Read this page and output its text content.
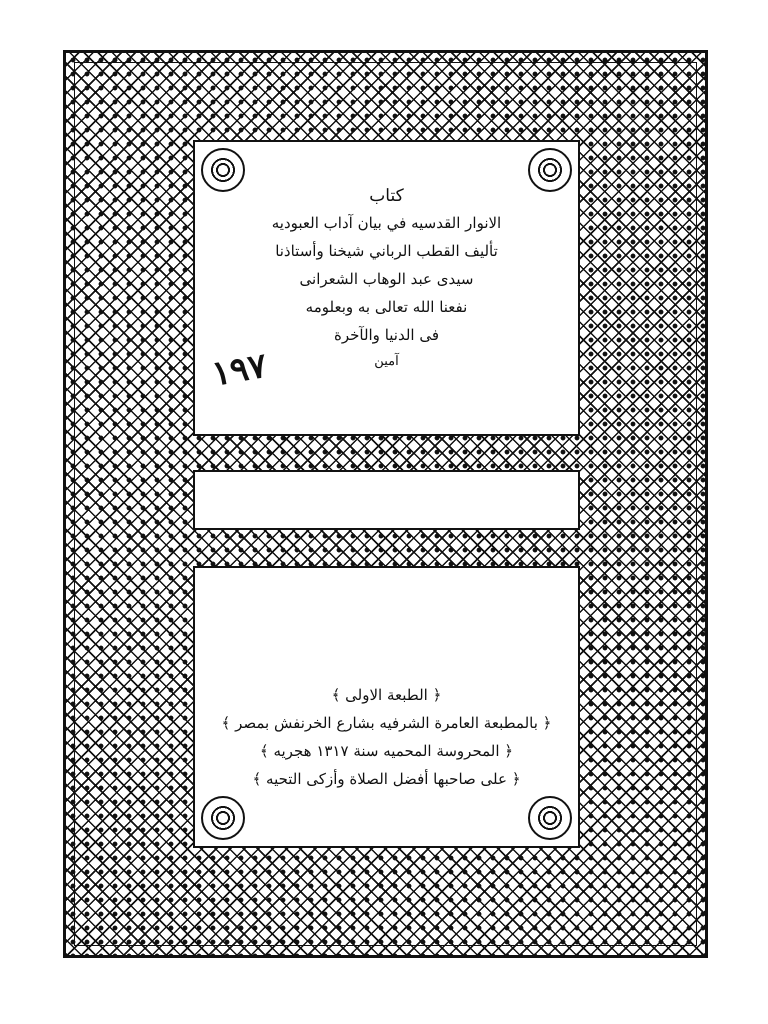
كتاب
الانوار القدسيه في بيان آداب العبوديه
تأليف القطب الرباني شيخنا وأستاذنا
سيدى عبد الوهاب الشعرانى
نفعنا الله تعالى به وبعلومه
فى الدنيا والآخرة
آمين
١٩٧
﴿ الطبعة الاولى ﴾
﴿ بالمطبعة العامرة الشرفيه بشارع الخرنفش بمصر ﴾
﴿ المحروسة المحميه سنة ١٣١٧ هجريه ﴾
﴿ على صاحبها أفضل الصلاة وأزكى التحيه ﴾
